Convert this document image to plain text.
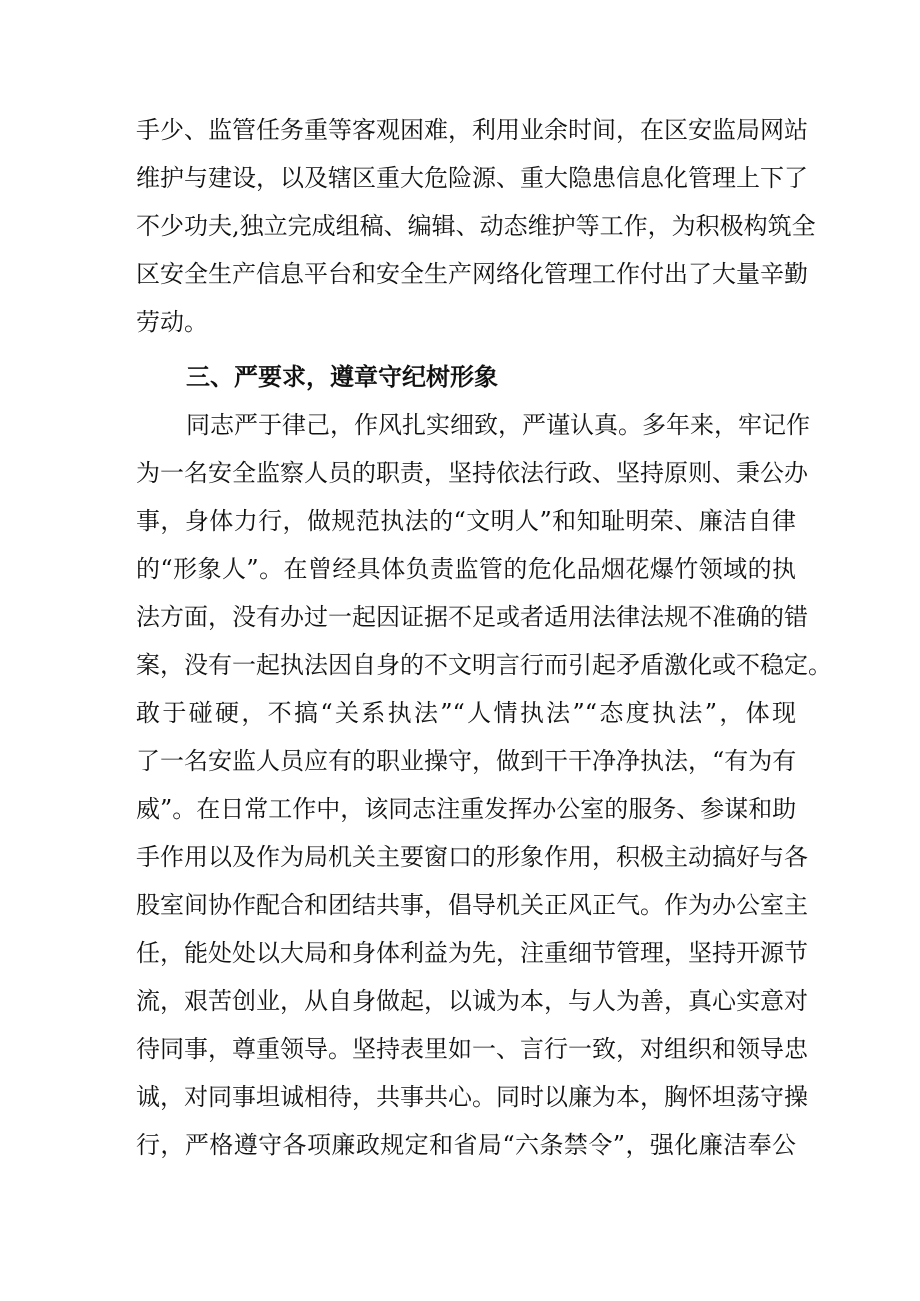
手少、监管任务重等客观困难，利用业余时间，在区安监局网站
维护与建设，以及辖区重大危险源、重大隐患信息化管理上下了
不少功夫,独立完成组稿、编辑、动态维护等工作，为积极构筑全
区安全生产信息平台和安全生产网络化管理工作付出了大量辛勤
劳动。
三、严要求，遵章守纪树形象
同志严于律己，作风扎实细致，严谨认真。多年来，牢记作
为一名安全监察人员的职责，坚持依法行政、坚持原则、秉公办
事，身体力行，做规范执法的“文明人”和知耻明荣、廉洁自律
的“形象人”。在曾经具体负责监管的危化品烟花爆竹领域的执
法方面，没有办过一起因证据不足或者适用法律法规不准确的错
案，没有一起执法因自身的不文明言行而引起矛盾激化或不稳定。
敢于碰硬，不搞“关系执法”“人情执法”“态度执法”，体现
了一名安监人员应有的职业操守，做到干干净净执法，“有为有
威”。在日常工作中，该同志注重发挥办公室的服务、参谋和助
手作用以及作为局机关主要窗口的形象作用，积极主动搞好与各
股室间协作配合和团结共事，倡导机关正风正气。作为办公室主
任，能处处以大局和身体利益为先，注重细节管理，坚持开源节
流，艰苦创业，从自身做起，以诚为本，与人为善，真心实意对
待同事，尊重领导。坚持表里如一、言行一致，对组织和领导忠
诚，对同事坦诚相待，共事共心。同时以廉为本，胸怀坦荡守操
行，严格遵守各项廉政规定和省局“六条禁令”，强化廉洁奉公
